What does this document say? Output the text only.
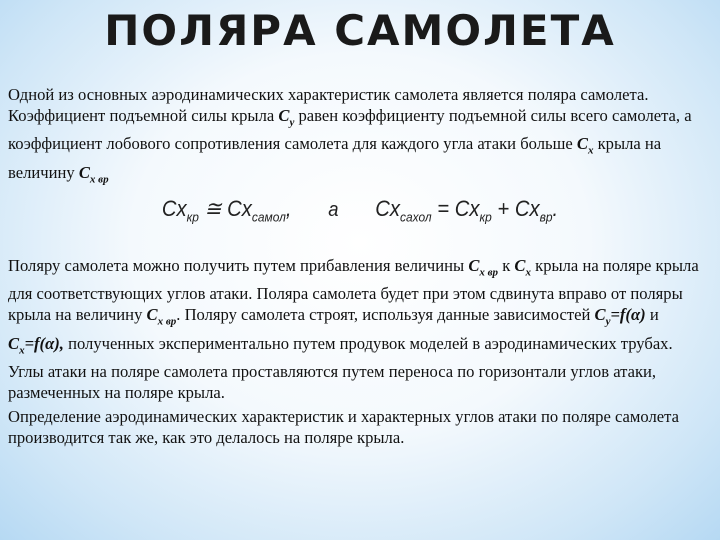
ПОЛЯРА САМОЛЕТА

Одной из основных аэродинамических характеристик самолета является поляра самолета. Коэффициент подъемной силы крыла $C_y$ равен коэффициенту подъемной силы всего самолета, а коэффициент лобового сопротивления самолета для каждого угла атаки больше $C_x$ крыла на величину $C_{x вр}$

$Cx_{кр}$ ≅ $Cx_{самол}$, а $Cx_{сахол} = Cx_{кр} + Cx_{вр}$.

Поляру самолета можно получить путем прибавления величины $C_{x вр}$ к $C_x$ крыла на поляре крыла для соответствующих углов атаки. Поляра самолета будет при этом сдвинута вправо от поляры крыла на величину $C_{x вр}$. Поляру самолета строят, используя данные зависимостей $C_y=f(\alpha)$ и $C_x=f(\alpha)$, полученных экспериментально путем продувок моделей в аэродинамических трубах. Углы атаки на поляре самолета проставляются путем переноса по горизонтали углов атаки, размеченных на поляре крыла.

Определение аэродинамических характеристик и характерных углов атаки по поляре самолета производится так же, как это делалось на поляре крыла.
